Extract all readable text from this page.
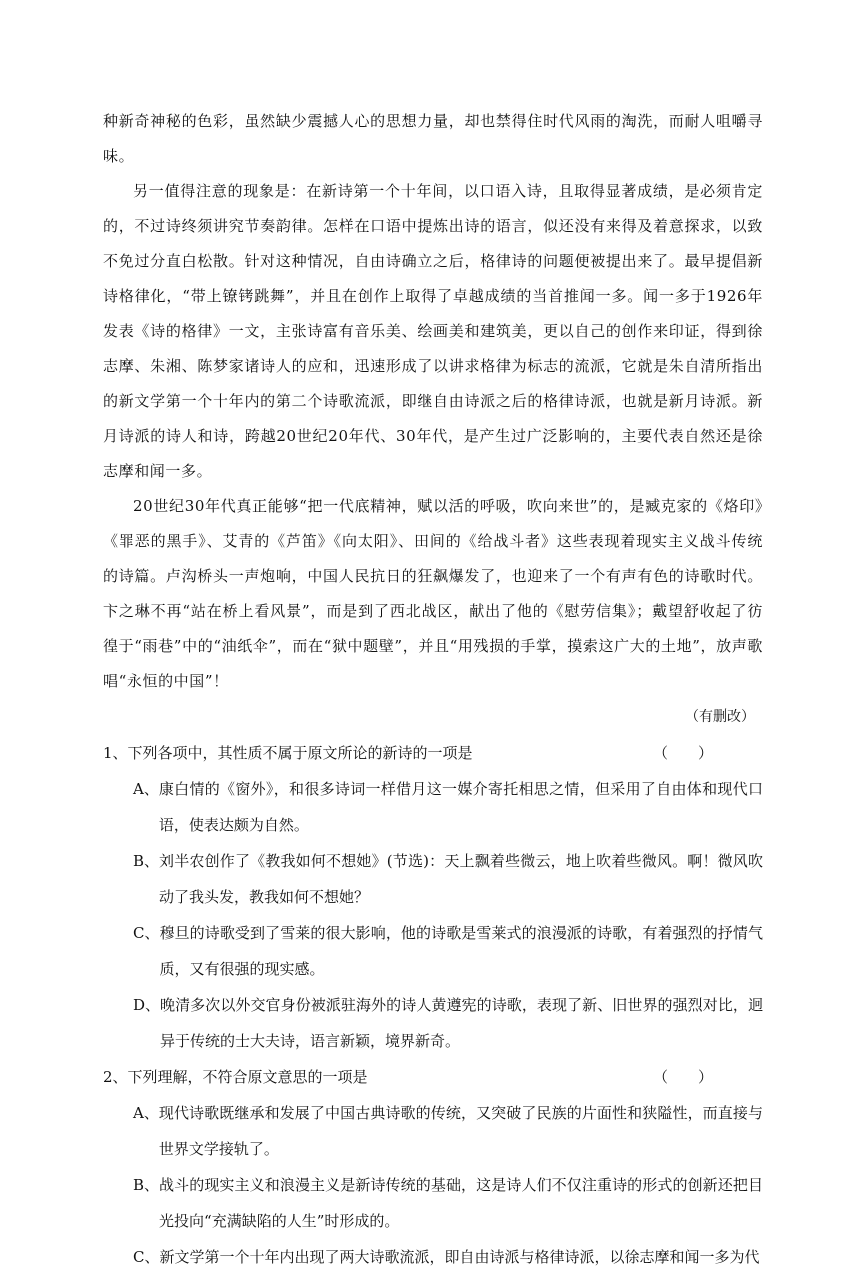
种新奇神秘的色彩，虽然缺少震撼人心的思想力量，却也禁得住时代风雨的淘洗，而耐人咀嚼寻味。

另一值得注意的现象是：在新诗第一个十年间，以口语入诗，且取得显著成绩，是必须肯定的，不过诗终须讲究节奏韵律。怎样在口语中提炼出诗的语言，似还没有来得及着意探求，以致不免过分直白松散。针对这种情况，自由诗确立之后，格律诗的问题便被提出来了。最早提倡新诗格律化，“带上镣铐跳舞”，并且在创作上取得了卓越成绩的当首推闻一多。闻一多于1926年发表《诗的格律》一文，主张诗富有音乐美、绘画美和建筑美，更以自己的创作来印证，得到徐志摩、朱湘、陈梦家诸诗人的应和，迅速形成了以讲求格律为标志的流派，它就是朱自清所指出的新文学第一个十年内的第二个诗歌流派，即继自由诗派之后的格律诗派，也就是新月诗派。新月诗派的诗人和诗，跨越20世纪20年代、30年代，是产生过广泛影响的，主要代表自然还是徐志摩和闻一多。

20世纪30年代真正能够“把一代底精神，赋以活的呼吸，吹向来世”的，是臧克家的《烙印》《罪恶的黑手》、艾青的《芦笛》《向太阳》、田间的《给战斗者》这些表现着现实主义战斗传统的诗篇。卢沟桥头一声炮响，中国人民抗日的狂飙爆发了，也迎来了一个有声有色的诗歌时代。卞之琳不再“站在桥上看风景”，而是到了西北战区，献出了他的《慰劳信集》；戴望舒收起了彷徨于“雨巷”中的“油纸伞”，而在“狱中题壁”，并且“用残损的手掌，摸索这广大的土地”，放声歌唱“永恒的中国”！

（有删改）

1、下列各项中，其性质不属于原文所论的新诗的一项是	（　　）
A、 康白情的《窗外》，和很多诗词一样借月这一媒介寄托相思之情，但采用了自由体和现代口语，使表达颇为自然。
B、 刘半农创作了《教我如何不想她》(节选)：天上飘着些微云，地上吹着些微风。啊！微风吹动了我头发，教我如何不想她？
C、 穆旦的诗歌受到了雪莱的很大影响，他的诗歌是雪莱式的浪漫派的诗歌，有着强烈的抒情气质，又有很强的现实感。
D、 晚清多次以外交官身份被派驻海外的诗人黄遵宪的诗歌，表现了新、旧世界的强烈对比，迥异于传统的士大夫诗，语言新颖，境界新奇。
2、下列理解，不符合原文意思的一项是	（　　）
A、 现代诗歌既继承和发展了中国古典诗歌的传统，又突破了民族的片面性和狭隘性，而直接与世界文学接轨了。
B、 战斗的现实主义和浪漫主义是新诗传统的基础，这是诗人们不仅注重诗的形式的创新还把目光投向“充满缺陷的人生”时形成的。
C、 新文学第一个十年内出现了两大诗歌流派，即自由诗派与格律诗派，以徐志摩和闻一多为代
